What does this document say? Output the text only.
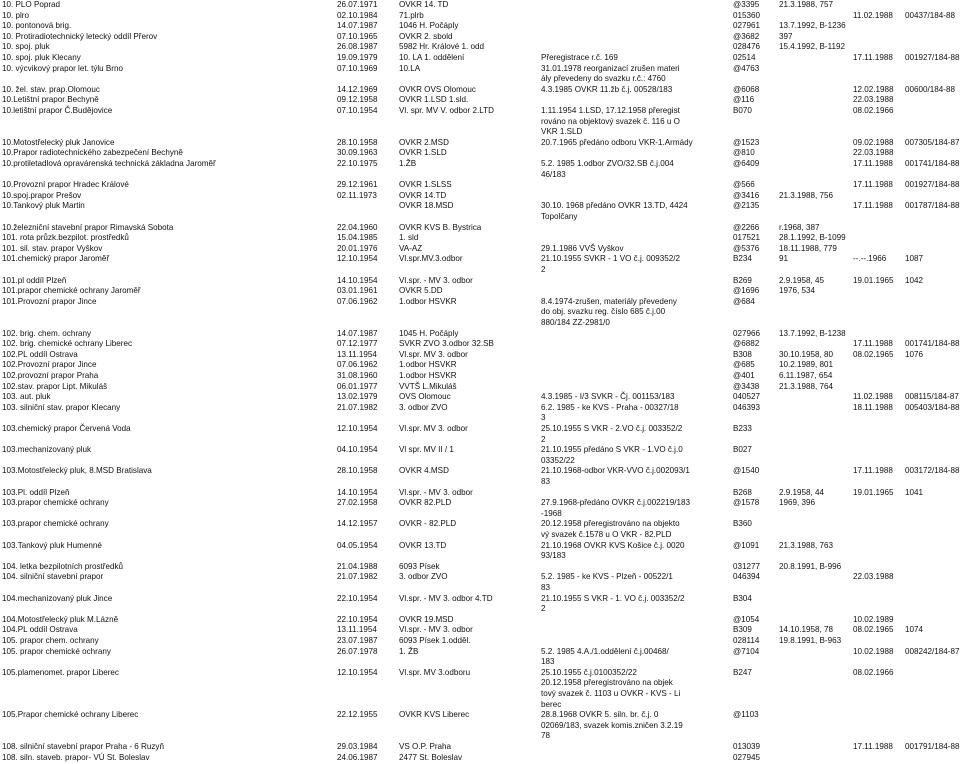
10. PLO Poprad	26.07.1971	OVKR 14. TD	@3395 21.3.1988, 757
10. plro	02.10.1984	71.plrb	015360	11.02.1988 00437/184-88
10. pontonová brig.	14.07.1987	1046 H. Počáply	027961 13.7.1992, B-1236
10. Protiradiotechnický letecký oddíl Přerov	07.10.1965	OVKR 2. sbold	@3682 397
10. spoj. pluk	26.08.1987	5982 Hr. Králové 1. odd	028476 15.4.1992, B-1192
10. spoj. pluk Klecany	19.09.1979	10. LA 1. oddělení	Přeregistrace r.č. 169	02514	17.11.1988 001927/184-88
10. výcvikový prapor let. týlu Brno	07.10.1969	10.LA	31.01.1978 reorganizací zrušen materi	@4763
ály převedeny do svazku r.č.: 4760
10. žel. stav. prap.Olomouc	14.12.1969	OVKR OVS Olomouc	4.3.1985 OVKR 11.žb č.j. 00528/183	@6068	12.02.1988 00600/184-88
10.Letištní prapor Bechyně	09.12.1958	OVKR 1.LSD 1.sld.	@116	22.03.1988
10.letištní prapor Č.Budějovice	07.10.1954	Vl. spr. MV V. odbor 2.LTD	1.11.1954 1.LSD, 17.12.1958 přeregist	B070	08.02.1966
rováno na objektový svazek č. 116 u O
VKR 1.SLD
10.Motostřelecký pluk Janovice	28.10.1958	OVKR 2.MSD	20.7.1965 předáno odboru VKR-1.Armády	@1523	09.02.1988 007305/184-87
10.Prapor radiotechnického zabezpečení Bechyně	30.09.1963	OVKR 1.SLD	@810	22.03.1988
10.protiletadlová opravárenská technická základna Jaroměř	22.10.1975	1.ŽB	5.2. 1985 1.odbor ZVO/32.SB č.j.004	@6409	17.11.1988 001741/184-88
46/183
10.Provozní prapor Hradec Králové	29.12.1961	OVKR 1.SLSS	@566	17.11.1988 001927/184-88
10.spoj.prapor Prešov	02.11.1973	OVKR 14.TD	@3416 21.3.1988, 756
10.Tankový pluk Martin	OVKR 18.MSD	30.10. 1968 předáno OVKR 13.TD, 4424	@2135	17.11.1988 001787/184-88
Topolčany
10.železniční stavební prapor Rimavská Sobota	22.04.1960	OVKR KVS B. Bystrica	@2266 r.1968, 387
101. rota průzk.bezpilot. prostředků	15.04.1985	1. sld	017521 28.1.1992, B-1099
101. sil. stav. prapor Vyškov	20.01.1976	VA-AZ	29.1.1986 VVŠ Vyškov	@5376 18.11.1988, 779
101.chemický prapor Jaroměř	12.10.1954	Vl.spr.MV.3.odbor	21.10.1955 SVKR - 1 VO č.j. 009352/2	B234	91	--.--.1966 1087
2
101.pl oddíl Plzeň	14.10.1954	Vl.spr. - MV 3. odbor	B269	2.9.1958, 45	19.01.1965 1042
101.prapor chemické ochrany Jaroměř	03.01.1961	OVKR 5.DD	@1696 1976, 534
101.Provozní prapor Jince	07.06.1962	1.odbor HSVKR	8.4.1974-zrušen, materiály převedeny	@684
do obj. svazku reg. číslo 685 č.j.00
880/184 ZZ-2981/0
102. brig. chem. ochrany	14.07.1987	1045 H. Počáply	027966 13.7.1992, B-1238
102. brig. chemické ochrany Liberec	07.12.1977	SVKR ZVO 3.odbor 32.SB	@6882	17.11.1988 001741/184-88
102.PL oddíl Ostrava	13.11.1954	Vl.spr. MV 3. odbor	B308	30.10.1958, 80 08.02.1965 1076
102.Provozní prapor Jince	07.06.1962	1.odbor HSVKR	@685	10.2.1989, 801
102.provozní prapor Praha	31.08.1960	1.odbor HSVKR	@401	6.11.1987, 654
102.stav. prapor Lipt. Mikuláš	06.01.1977	VVTŠ L.Mikuláš	@3438 21.3.1988, 764
103. aut. pluk	13.02.1979	OVS Olomouc	4.3.1985 - I/3 SVKR - Čj. 001153/183	040527	11.02.1988 008115/184-87
103. silniční stav. prapor Klecany	21.07.1982	3. odbor ZVO	6.2. 1985 - ke KVS - Praha - 00327/18	046393	18.11.1988 005403/184-88
3
103.chemický prapor Červená Voda	12.10.1954	Vl.spr. MV 3. odbor	25.10.1955 S VKR - 2.VO č.j. 003352/2	B233
2
103.mechanizovaný pluk	04.10.1954	Vl spr. MV II / 1	21.10.1955 předáno S VKR - 1.VO č.j.0	B027
03352/22
103.Motostřelecký pluk, 8.MSD Bratislava	28.10.1958	OVKR 4.MSD	21.10.1968-odbor VKR-VVO č.j.002093/1	@1540	17.11.1988 003172/184-88
83
103.Pl. oddíl Plzeň	14.10.1954	Vl.spr. - MV 3. odbor	B268	2.9.1958, 44	19.01.1965 1041
103.prapor chemické ochrany	27.02.1958	OVKR 82.PLD	27.9.1968-předáno OVKR č.j.002219/183	@1578 1969, 396
-1968
103.prapor chemické ochrany	14.12.1957	OVKR - 82.PLD	20.12.1958 přeregistrováno na objekto	B360
vý svazek č.1578 u O VKR - 82.PLD
103.Tankový pluk Humenné	04.05.1954	OVKR 13.TD	21.10.1968 OVKR KVS Košice č.j. 0020	@1091 21.3.1988, 763
93/183
104. letka bezpilotních prostředků	21.04.1988	6093 Písek	031277 20.8.1991, B-996
104. silniční stavební prapor	21.07.1982	3. odbor ZVO	5.2. 1985 - ke KVS - Plzeň - 00522/1	046394	22.03.1988
83
104.mechanizovaný pluk Jince	22.10.1954	Vl.spr. - MV 3. odbor 4.TD	21.10.1955 S VKR - 1. VO č.j. 003352/2	B304
2
104.Motostřelecký pluk M.Lázně	22.10.1954	OVKR 19.MSD	@1054	10.02.1989
104.PL oddíl Ostrava	13.11.1954	Vl.spr. - MV 3. odbor	B309	14.10.1958, 78 08.02.1965 1074
105. prapor chem. ochrany	23.07.1987	6093 Písek 1.odděl.	028114 19.8.1991, B-963
105. prapor chemické ochrany	26.07.1978	1. ŽB	5.2. 1985 4.A./1.oddělení č.j.00468/	@7104	10.02.1988 008242/184-87
183
105.plamenomet. prapor Liberec	12.10.1954	Vl.spr. MV 3.odboru	25.10.1955 č.j.0100352/22	B247	08.02.1966
20.12.1958 přeregistrováno na objek
tový svazek č. 1103 u OVKR - KVS - Li
berec
105.Prapor chemické ochrany Liberec	22.12.1955	OVKR KVS Liberec	28.8.1968 OVKR 5. siln. br. č.j. 0	@1103
02069/183, svazek komis.zničen 3.2.19
78
108. silniční stavební prapor Praha - 6 Ruzyň	29.03.1984	VS O.P. Praha	013039	17.11.1988 001791/184-88
108. siln. staveb. prapor- VÚ St. Boleslav	24.06.1987	2477 St. Boleslav	027945
